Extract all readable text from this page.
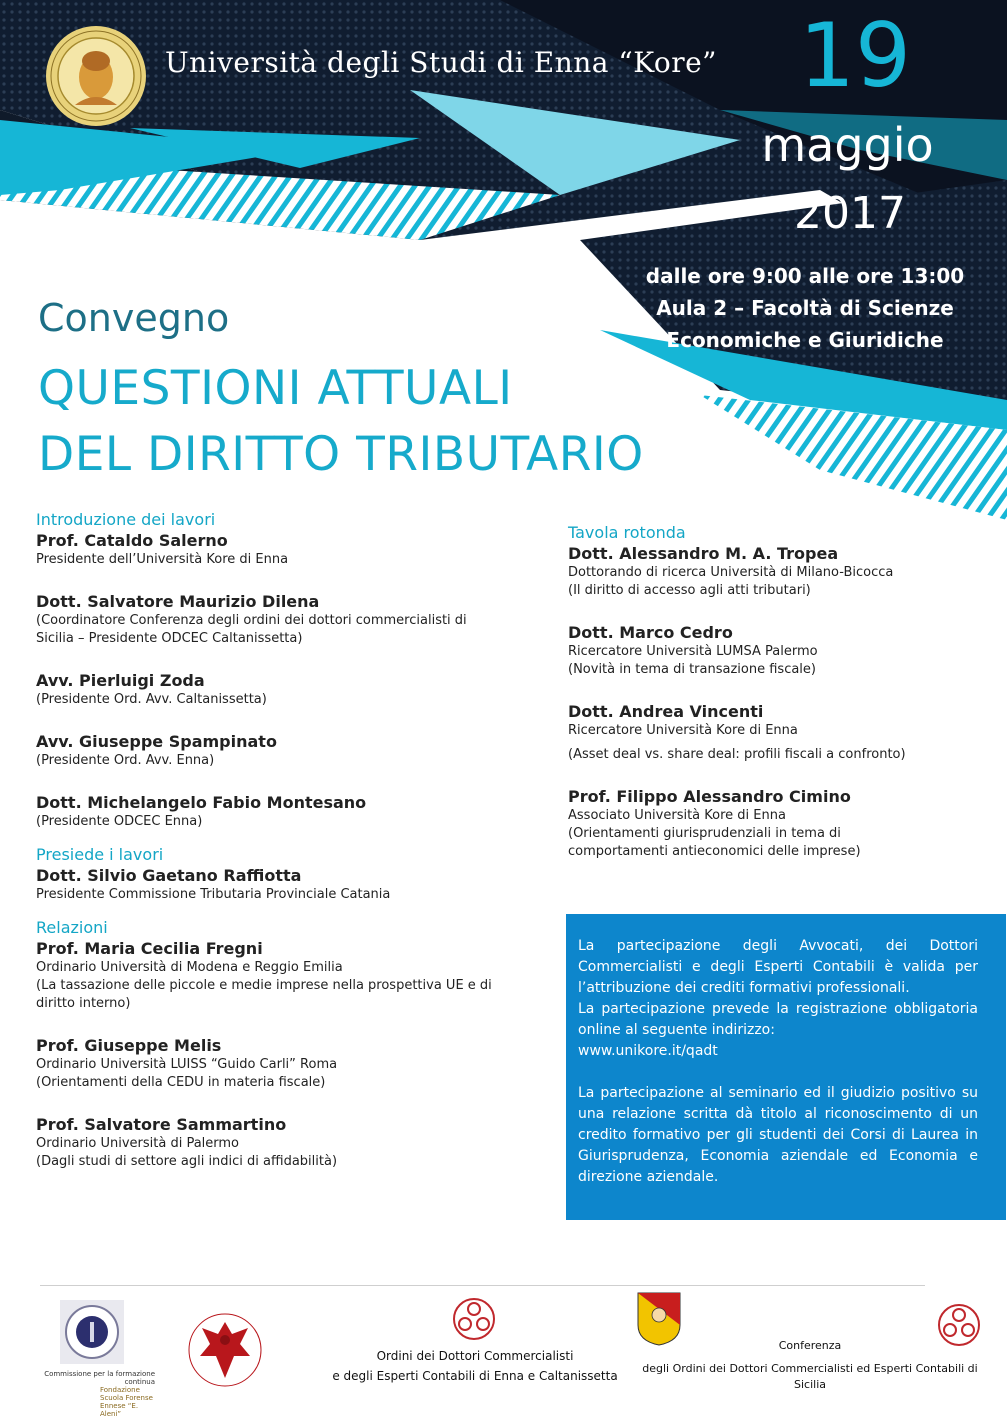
Università degli Studi di Enna “Kore” 19
maggio
2017
dalle ore 9:00 alle ore 13:00
Aula 2 – Facoltà di Scienze
Economiche e Giuridiche
Convegno
QUESTIONI ATTUALI
DEL DIRITTO TRIBUTARIO
Introduzione dei lavori
Prof. Cataldo Salerno
Presidente dell’Università Kore di Enna
Dott. Salvatore Maurizio Dilena
(Coordinatore Conferenza degli ordini dei dottori commercialisti di
Sicilia – Presidente ODCEC Caltanissetta)
Avv. Pierluigi Zoda
(Presidente Ord. Avv. Caltanissetta)
Avv. Giuseppe Spampinato
(Presidente Ord. Avv. Enna)
Dott. Michelangelo Fabio Montesano
(Presidente ODCEC Enna)
Presiede i lavori
Dott. Silvio Gaetano Raffiotta
Presidente Commissione Tributaria Provinciale Catania
Relazioni
Prof. Maria Cecilia Fregni
Ordinario Università di Modena e Reggio Emilia
(La tassazione delle piccole e medie imprese nella prospettiva UE e di
diritto interno)
Prof. Giuseppe Melis
Ordinario Università LUISS “Guido Carli” Roma
(Orientamenti della CEDU in materia fiscale)
Prof. Salvatore Sammartino
Ordinario Università di Palermo
(Dagli studi di settore agli indici di affidabilità)
Tavola rotonda
Dott. Alessandro M. A. Tropea
Dottorando di ricerca Università di Milano-Bicocca
(Il diritto di accesso agli atti tributari)
Dott. Marco Cedro
Ricercatore Università LUMSA Palermo
(Novità in tema di transazione fiscale)
Dott. Andrea Vincenti
Ricercatore Università Kore di Enna
(Asset deal vs. share deal: profili fiscali a confronto)
Prof. Filippo Alessandro Cimino
Associato Università Kore di Enna
(Orientamenti giurisprudenziali in tema di
comportamenti antieconomici delle imprese)

La partecipazione degli Avvocati, dei Dottori Commercialisti e degli Esperti Contabili è valida per l’attribuzione dei crediti formativi professionali.

La partecipazione prevede la registrazione obbligatoria online al seguente indirizzo:

www.unikore.it/qadt

La partecipazione al seminario ed il giudizio positivo su una relazione scritta dà titolo al riconoscimento di un credito formativo per gli studenti dei Corsi di Laurea in Giurisprudenza, Economia aziendale ed Economia e direzione aziendale.

Commissione per la formazione continua
Fondazione Scuola Forense Ennese “E. Aleni”
Ordini dei Dottori Commercialisti
e degli Esperti Contabili di Enna e Caltanissetta
Conferenza
degli Ordini dei Dottori Commercialisti ed Esperti Contabili di
Sicilia
